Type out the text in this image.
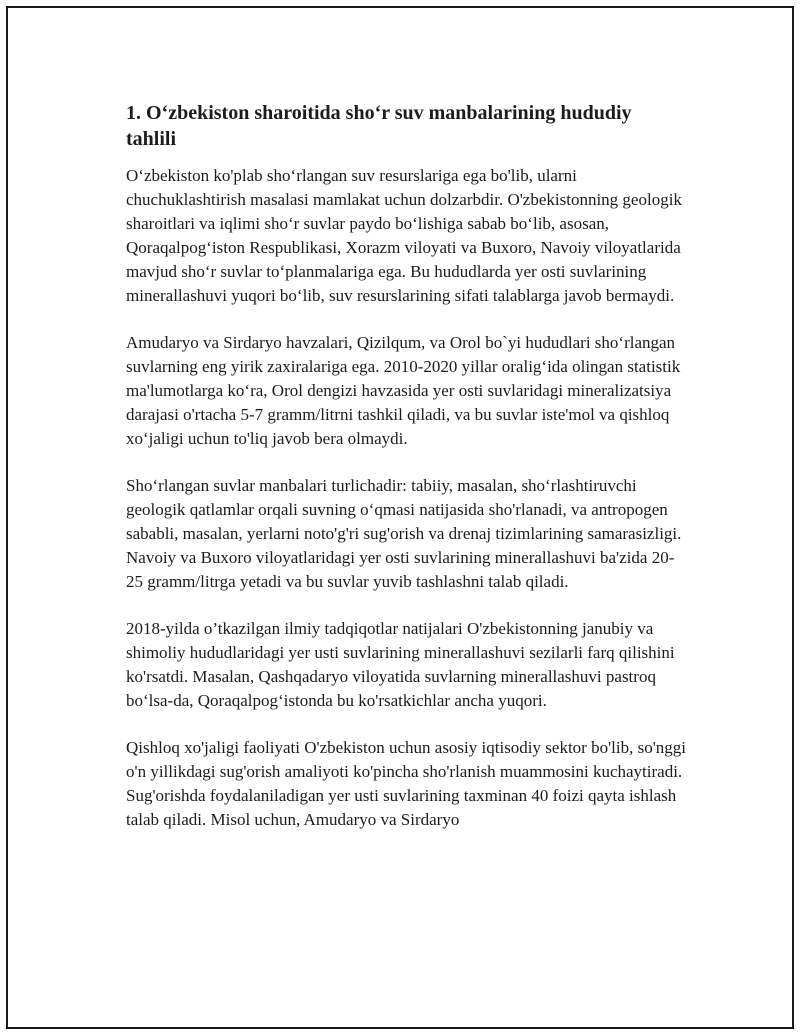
1. O‘zbekiston sharoitida sho‘r suv manbalarining hududiy tahlili

O‘zbekiston ko'plab sho‘rlangan suv resurslariga ega bo'lib, ularni chuchuklashtirish masalasi mamlakat uchun dolzarbdir. O'zbekistonning geologik sharoitlari va iqlimi sho‘r suvlar paydo bo‘lishiga sabab bo‘lib, asosan, Qoraqalpog‘iston Respublikasi, Xorazm viloyati va Buxoro, Navoiy viloyatlarida mavjud sho‘r suvlar to‘planmalariga ega. Bu hududlarda yer osti suvlarining minerallashuvi yuqori bo‘lib, suv resurslarining sifati talablarga javob bermaydi.

Amudaryo va Sirdaryo havzalari, Qizilqum, va Orol bo`yi hududlari sho‘rlangan suvlarning eng yirik zaxiralariga ega. 2010-2020 yillar oralig‘ida olingan statistik ma'lumotlarga ko‘ra, Orol dengizi havzasida yer osti suvlaridagi mineralizatsiya darajasi o'rtacha 5-7 gramm/litrni tashkil qiladi, va bu suvlar iste'mol va qishloq xo‘jaligi uchun to'liq javob bera olmaydi.

Sho‘rlangan suvlar manbalari turlichadir: tabiiy, masalan, sho‘rlashtiruvchi geologik qatlamlar orqali suvning o‘qmasi natijasida sho'rlanadi, va antropogen sababli, masalan, yerlarni noto'g'ri sug'orish va drenaj tizimlarining samarasizligi. Navoiy va Buxoro viloyatlaridagi yer osti suvlarining minerallashuvi ba'zida 20-25 gramm/litrga yetadi va bu suvlar yuvib tashlashni talab qiladi.

2018-yilda o’tkazilgan ilmiy tadqiqotlar natijalari O'zbekistonning janubiy va shimoliy hududlaridagi yer usti suvlarining minerallashuvi sezilarli farq qilishini ko'rsatdi. Masalan, Qashqadaryo viloyatida suvlarning minerallashuvi pastroq bo‘lsa-da, Qoraqalpog‘istonda bu ko'rsatkichlar ancha yuqori.

Qishloq xo'jaligi faoliyati O'zbekiston uchun asosiy iqtisodiy sektor bo'lib, so'nggi o'n yillikdagi sug'orish amaliyoti ko'pincha sho'rlanish muammosini kuchaytiradi. Sug'orishda foydalaniladigan yer usti suvlarining taxminan 40 foizi qayta ishlash talab qiladi. Misol uchun, Amudaryo va Sirdaryo
